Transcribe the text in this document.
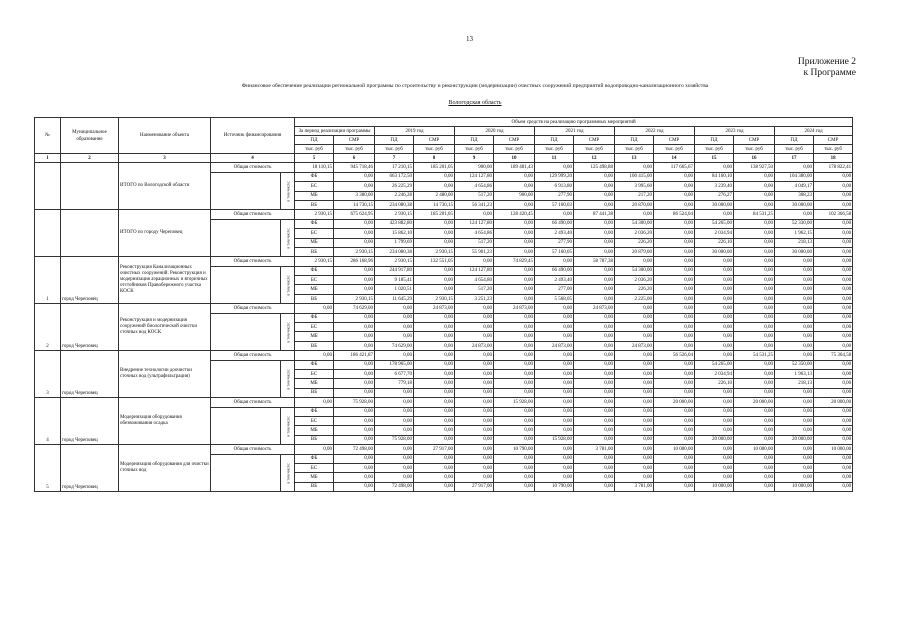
13
Приложение 2
к Программе
Финансовое обеспечение реализации региональной программы по строительству и реконструкции (модернизации) очистных сооружений предприятий водопроводно-канализационного хозяйства
Вологодская область
№	Муниципальное образование	Наименование объекта	Источник финансирования		Объем средств на реализацию программных мероприятий														
					За период реализации программы		2019 год		2020 год		2021 год		2022 год		2023 год		2024 год		
					ПД	СМР	ПД	СМР	ПД	СМР	ПД	СМР	ПД	СМР	ПД	СМР	ПД	СМР	
					тыс. руб	тыс. руб	тыс. руб	тыс. руб	тыс. руб	тыс. руб	тыс. руб	тыс. руб	тыс. руб	тыс. руб	тыс. руб	тыс. руб	тыс. руб	тыс. руб	
1	2	3	4		5	6	7	8	9	10	11	12	13	14	15	16	17	18	
		ИТОГО по Вологодской области	Общая стоимость		18 110,15	945 718,46	17 210,15	185 201,05	900,00	189 481,43	0,00	125 498,88	0,00	117 665,67	0,00	138 927,50	0,00	178 822,41	
				в том числе:	ФБ	0,00	663 172,50	0,00	124 127,80	0,00	129 999,20	0,00	100 415,00	0,00	84 160,10	0,00	104 380,00	0,00	
					БС	0,00	26 225,29	0,00	4 654,86	0,00	6 913,80	0,00	3 995,60	0,00	3 239,40	0,00	4 049,17	0,00	
					МБ	3 380,00	2 246,28	2 480,00	517,20	900,00	277,90	0,00	217,20	0,00	276,27	0,00	308,23	0,00	
					ВБ	14 730,15	234 080,38	14 730,15	56 341,23	0,00	57 160,03	0,00	20 870,00	0,00	30 000,00	0,00	30 000,00	0,00	
		ИТОГО по городу Череповец	Общая стоимость		2 930,15	675 624,95	2 930,15	185 201,05	0,00	128 420,45	0,00	87 441,38	0,00	86 524,04	0,00	84 531,25	0,00	102 366,58	
				в том числе:	ФБ	0,00	423 882,80	0,00	124 127,80	0,00	66 490,00	0,00	54 300,00	0,00	54 265,00	0,00	52 330,00	0,00	
					БС	0,00	15 862,10	0,00	4 654,86	0,00	2 493,40	0,00	2 036,20	0,00	2 034,94	0,00	1 962,15	0,00	
					МБ	0,00	1 799,69	0,00	517,20	0,00	277,90	0,00	226,20	0,00	226,10	0,00	218,13	0,00	
					ВБ	2 930,15	234 080,38	2 930,15	55 901,23	0,00	57 160,05	0,00	20 879,00	0,00	30 000,00	0,00	30 000,00	0,00	
1	город Череповец	Реконструкция Канализационных очистных сооружений. Реконструкция и модернизация аэрационных и вторичных отстойников Правобережного участка КОСК	Общая стоимость		2 930,15	286 168,96	2 930,15	132 551,05	0,00	74 829,45	0,00	58 787,38	0,00	0,00	0,00	0,00	0,00	0,00	
				в том числе:	ФБ	0,00	244 917,80	0,00	124 127,80	0,00	66 490,00	0,00	54 300,00	0,00	0,00	0,00	0,00	0,00	
					БС	0,00	9 185,41	0,00	4 654,80	0,00	2 493,40	0,00	2 036,20	0,00	0,00	0,00	0,00	0,00	
					МБ	0,00	1 020,51	0,00	517,20	0,00	277,00	0,00	226,20	0,00	0,00	0,00	0,00	0,00	
					ВБ	2 930,15	11 645,29	2 930,15	3 251,23	0,00	5 568,05	0,00	2 225,00	0,00	0,00	0,00	0,00	0,00	
2	город Череповец	Реконструкция и модернизация сооружений биологической очистки сточных вод КОСК	Общая стоимость		0,00	74 629,00	0,00	24 873,00	0,00	24 873,00	0,00	24 873,00	0,00	0,00	0,00	0,00	0,00	0,00	
				в том числе:	ФБ	0,00	0,00	0,00	0,00	0,00	0,00	0,00	0,00	0,00	0,00	0,00	0,00	0,00	
					БС	0,00	0,00	0,00	0,00	0,00	0,00	0,00	0,00	0,00	0,00	0,00	0,00	0,00	
					МБ	0,00	0,00	0,00	0,00	0,00	0,00	0,00	0,00	0,00	0,00	0,00	0,00	0,00	
					ВБ	0,00	74 629,00	0,00	24 873,00	0,00	24 873,00	0,00	24 873,00	0,00	0,00	0,00	0,00	0,00	
3	город Череповец	Внедрение технологии доочистки сточных вод (ультрафильтрация)	Общая стоимость		0,00	186 421,87	0,00	0,00	0,00	0,00	0,00	0,00	0,00	56 526,04	0,00	54 531,25	0,00	75 364,58	
				в том числе:	ФБ	0,00	178 965,00	0,00	0,00	0,00	0,00	0,00	0,00	0,00	54 265,00	0,00	52 350,00	0,00	
					БС	0,00	6 677,70	0,00	0,00	0,00	0,00	0,00	0,00	0,00	2 034,94	0,00	1 963,13	0,00	
					МБ	0,00	779,18	0,00	0,00	0,00	0,00	0,00	0,00	0,00	226,10	0,00	218,13	0,00	
					ВБ	0,00	0,00	0,00	0,00	0,00	0,00	0,00	0,00	0,00	0,00	0,00	0,00	0,00	
4	город Череповец	Модернизация оборудования обезвоживания осадка	Общая стоимость		0,00	75 928,00	0,00	0,00	0,00	15 928,00	0,00	0,00	0,00	20 000,00	0,00	20 000,00	0,00	20 000,00	
				в том числе:	ФБ	0,00	0,00	0,00	0,00	0,00	0,00	0,00	0,00	0,00	0,00	0,00	0,00	0,00	
					БС	0,00	0,00	0,00	0,00	0,00	0,00	0,00	0,00	0,00	0,00	0,00	0,00	0,00	
					МБ	0,00	0,00	0,00	0,00	0,00	0,00	0,00	0,00	0,00	0,00	0,00	0,00	0,00	
					ВБ	0,00	75 928,00	0,00	0,00	0,00	15 928,00	0,00	0,00	0,00	20 000,00	0,00	20 000,00	0,00	
5	город Череповец	Модернизация оборудования для очистки сточных вод	Общая стоимость		0,00	72 498,00	0,00	27 917,00	0,00	10 790,00	0,00	3 781,00	0,00	10 000,00	0,00	10 000,00	0,00	10 000,00	
				в том числе:	ФБ	0,00	0,00	0,00	0,00	0,00	0,00	0,00	0,00	0,00	0,00	0,00	0,00	0,00	
					БС	0,00	0,00	0,00	0,00	0,00	0,00	0,00	0,00	0,00	0,00	0,00	0,00	0,00	
					МБ	0,00	0,00	0,00	0,00	0,00	0,00	0,00	0,00	0,00	0,00	0,00	0,00	0,00	
					ВБ	0,00	72 498,00	0,00	27 917,00	0,00	10 790,00	0,00	3 781,00	0,00	10 000,00	0,00	10 000,00	0,00	
